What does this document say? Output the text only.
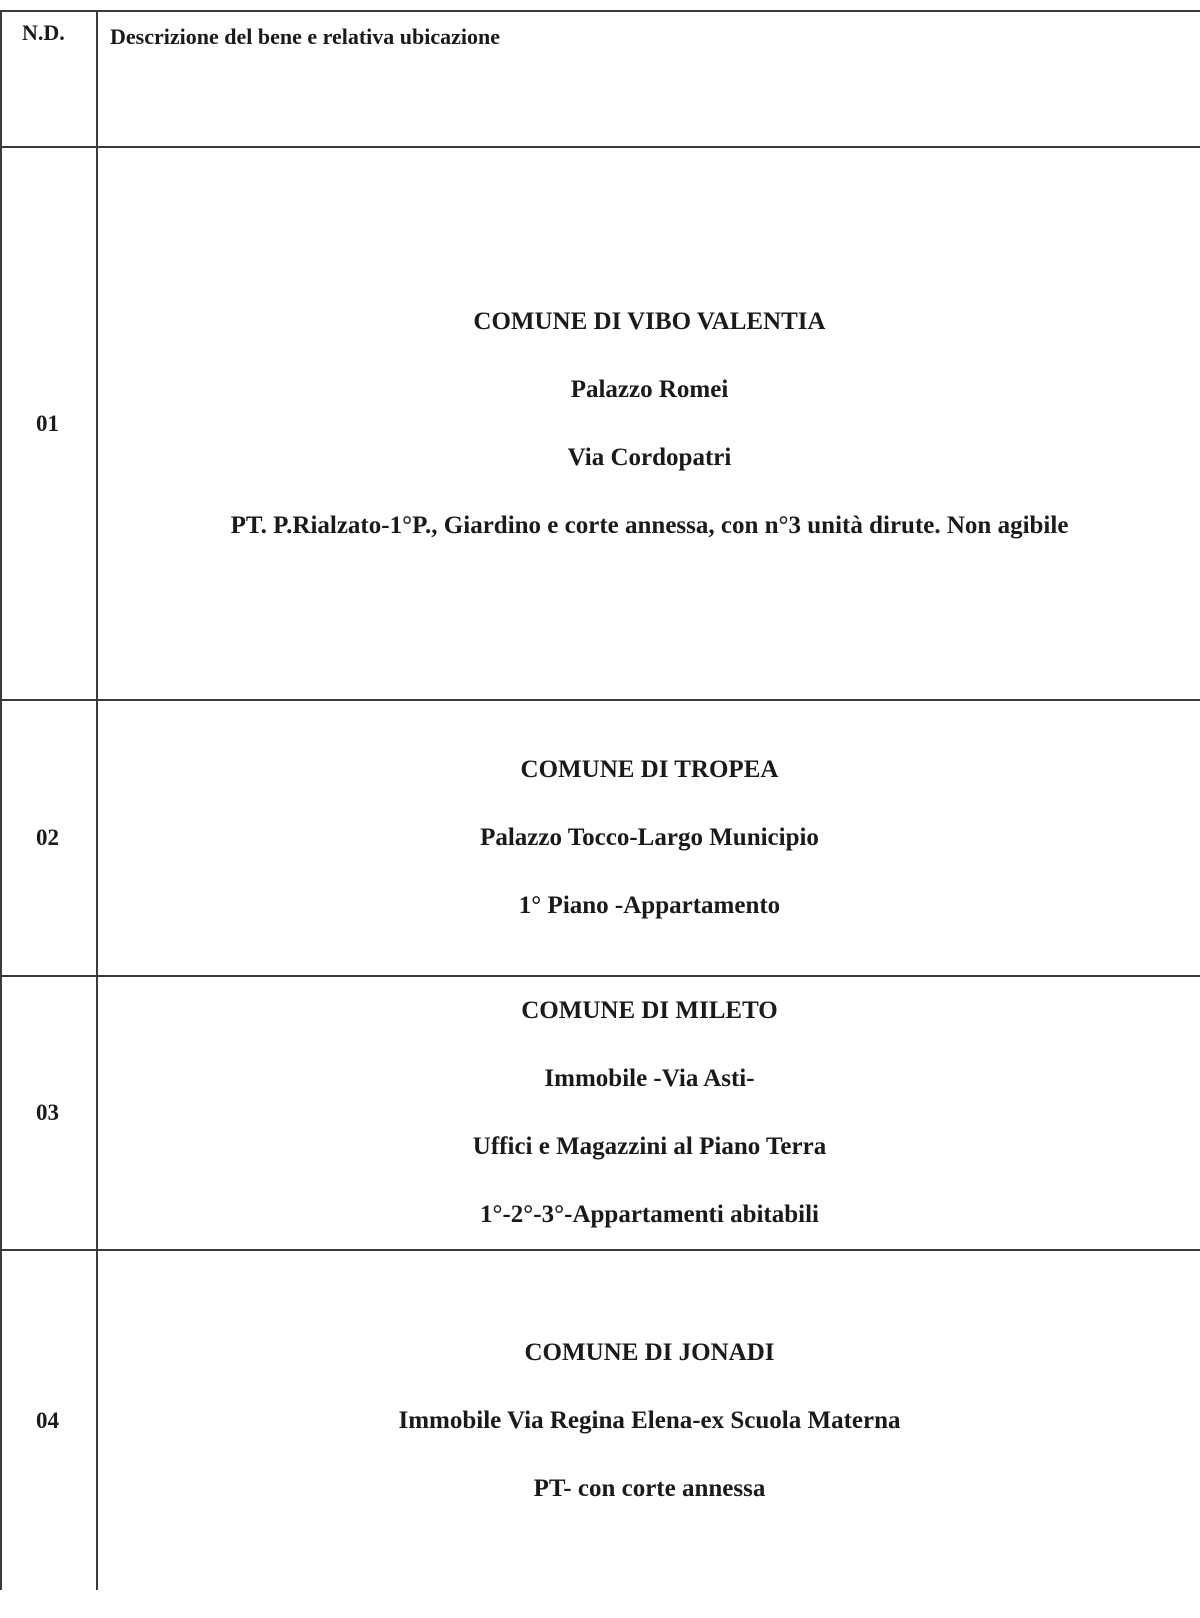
N.D.	Descrizione del bene e relativa ubicazione
01	COMUNE DI VIBO VALENTIA

Palazzo Romei

Via Cordopatri

PT. P.Rialzato-1°P., Giardino e corte annessa, con n°3 unità dirute. Non agibile

02	COMUNE DI TROPEA

Palazzo Tocco-Largo Municipio

1° Piano -Appartamento

03	COMUNE DI MILETO

Immobile -Via Asti-

Uffici e Magazzini al Piano Terra

1°-2°-3°-Appartamenti abitabili

04	COMUNE DI JONADI

Immobile Via Regina Elena-ex Scuola Materna

PT- con corte annessa
